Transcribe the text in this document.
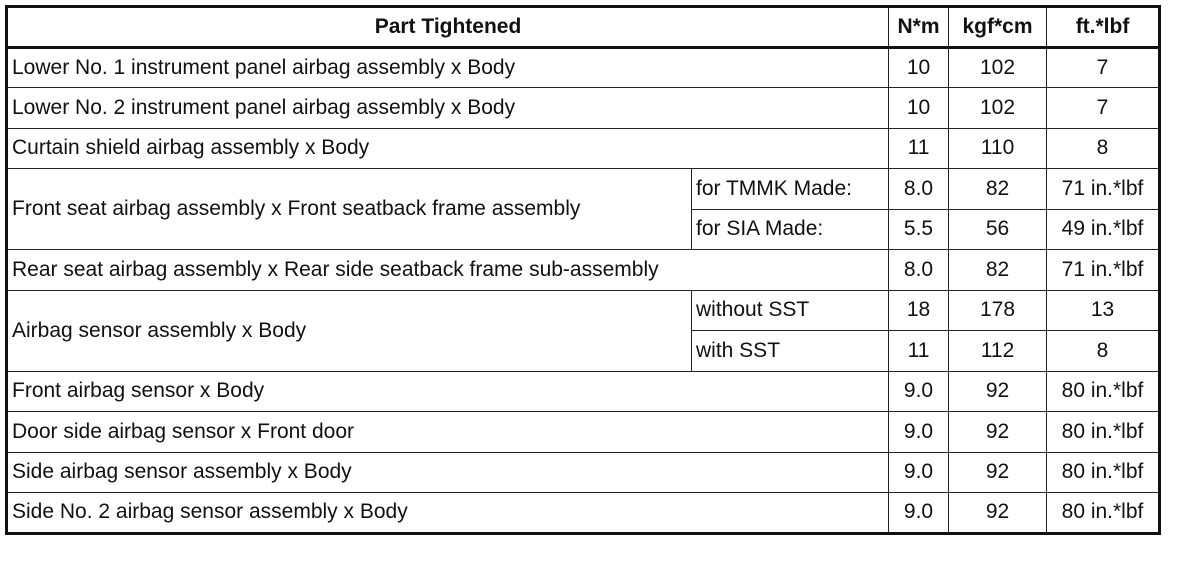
Part Tightened		N*m	kgf*cm	ft.*lbf
Lower No. 1 instrument panel airbag assembly x Body		10	102	7
Lower No. 2 instrument panel airbag assembly x Body		10	102	7
Curtain shield airbag assembly x Body		11	110	8
Front seat airbag assembly x Front seatback frame assembly	for TMMK Made:	8.0	82	71 in.*lbf
	for SIA Made:	5.5	56	49 in.*lbf
Rear seat airbag assembly x Rear side seatback frame sub-assembly		8.0	82	71 in.*lbf
Airbag sensor assembly x Body	without SST	18	178	13
	with SST	11	112	8
Front airbag sensor x Body		9.0	92	80 in.*lbf
Door side airbag sensor x Front door		9.0	92	80 in.*lbf
Side airbag sensor assembly x Body		9.0	92	80 in.*lbf
Side No. 2 airbag sensor assembly x Body		9.0	92	80 in.*lbf
